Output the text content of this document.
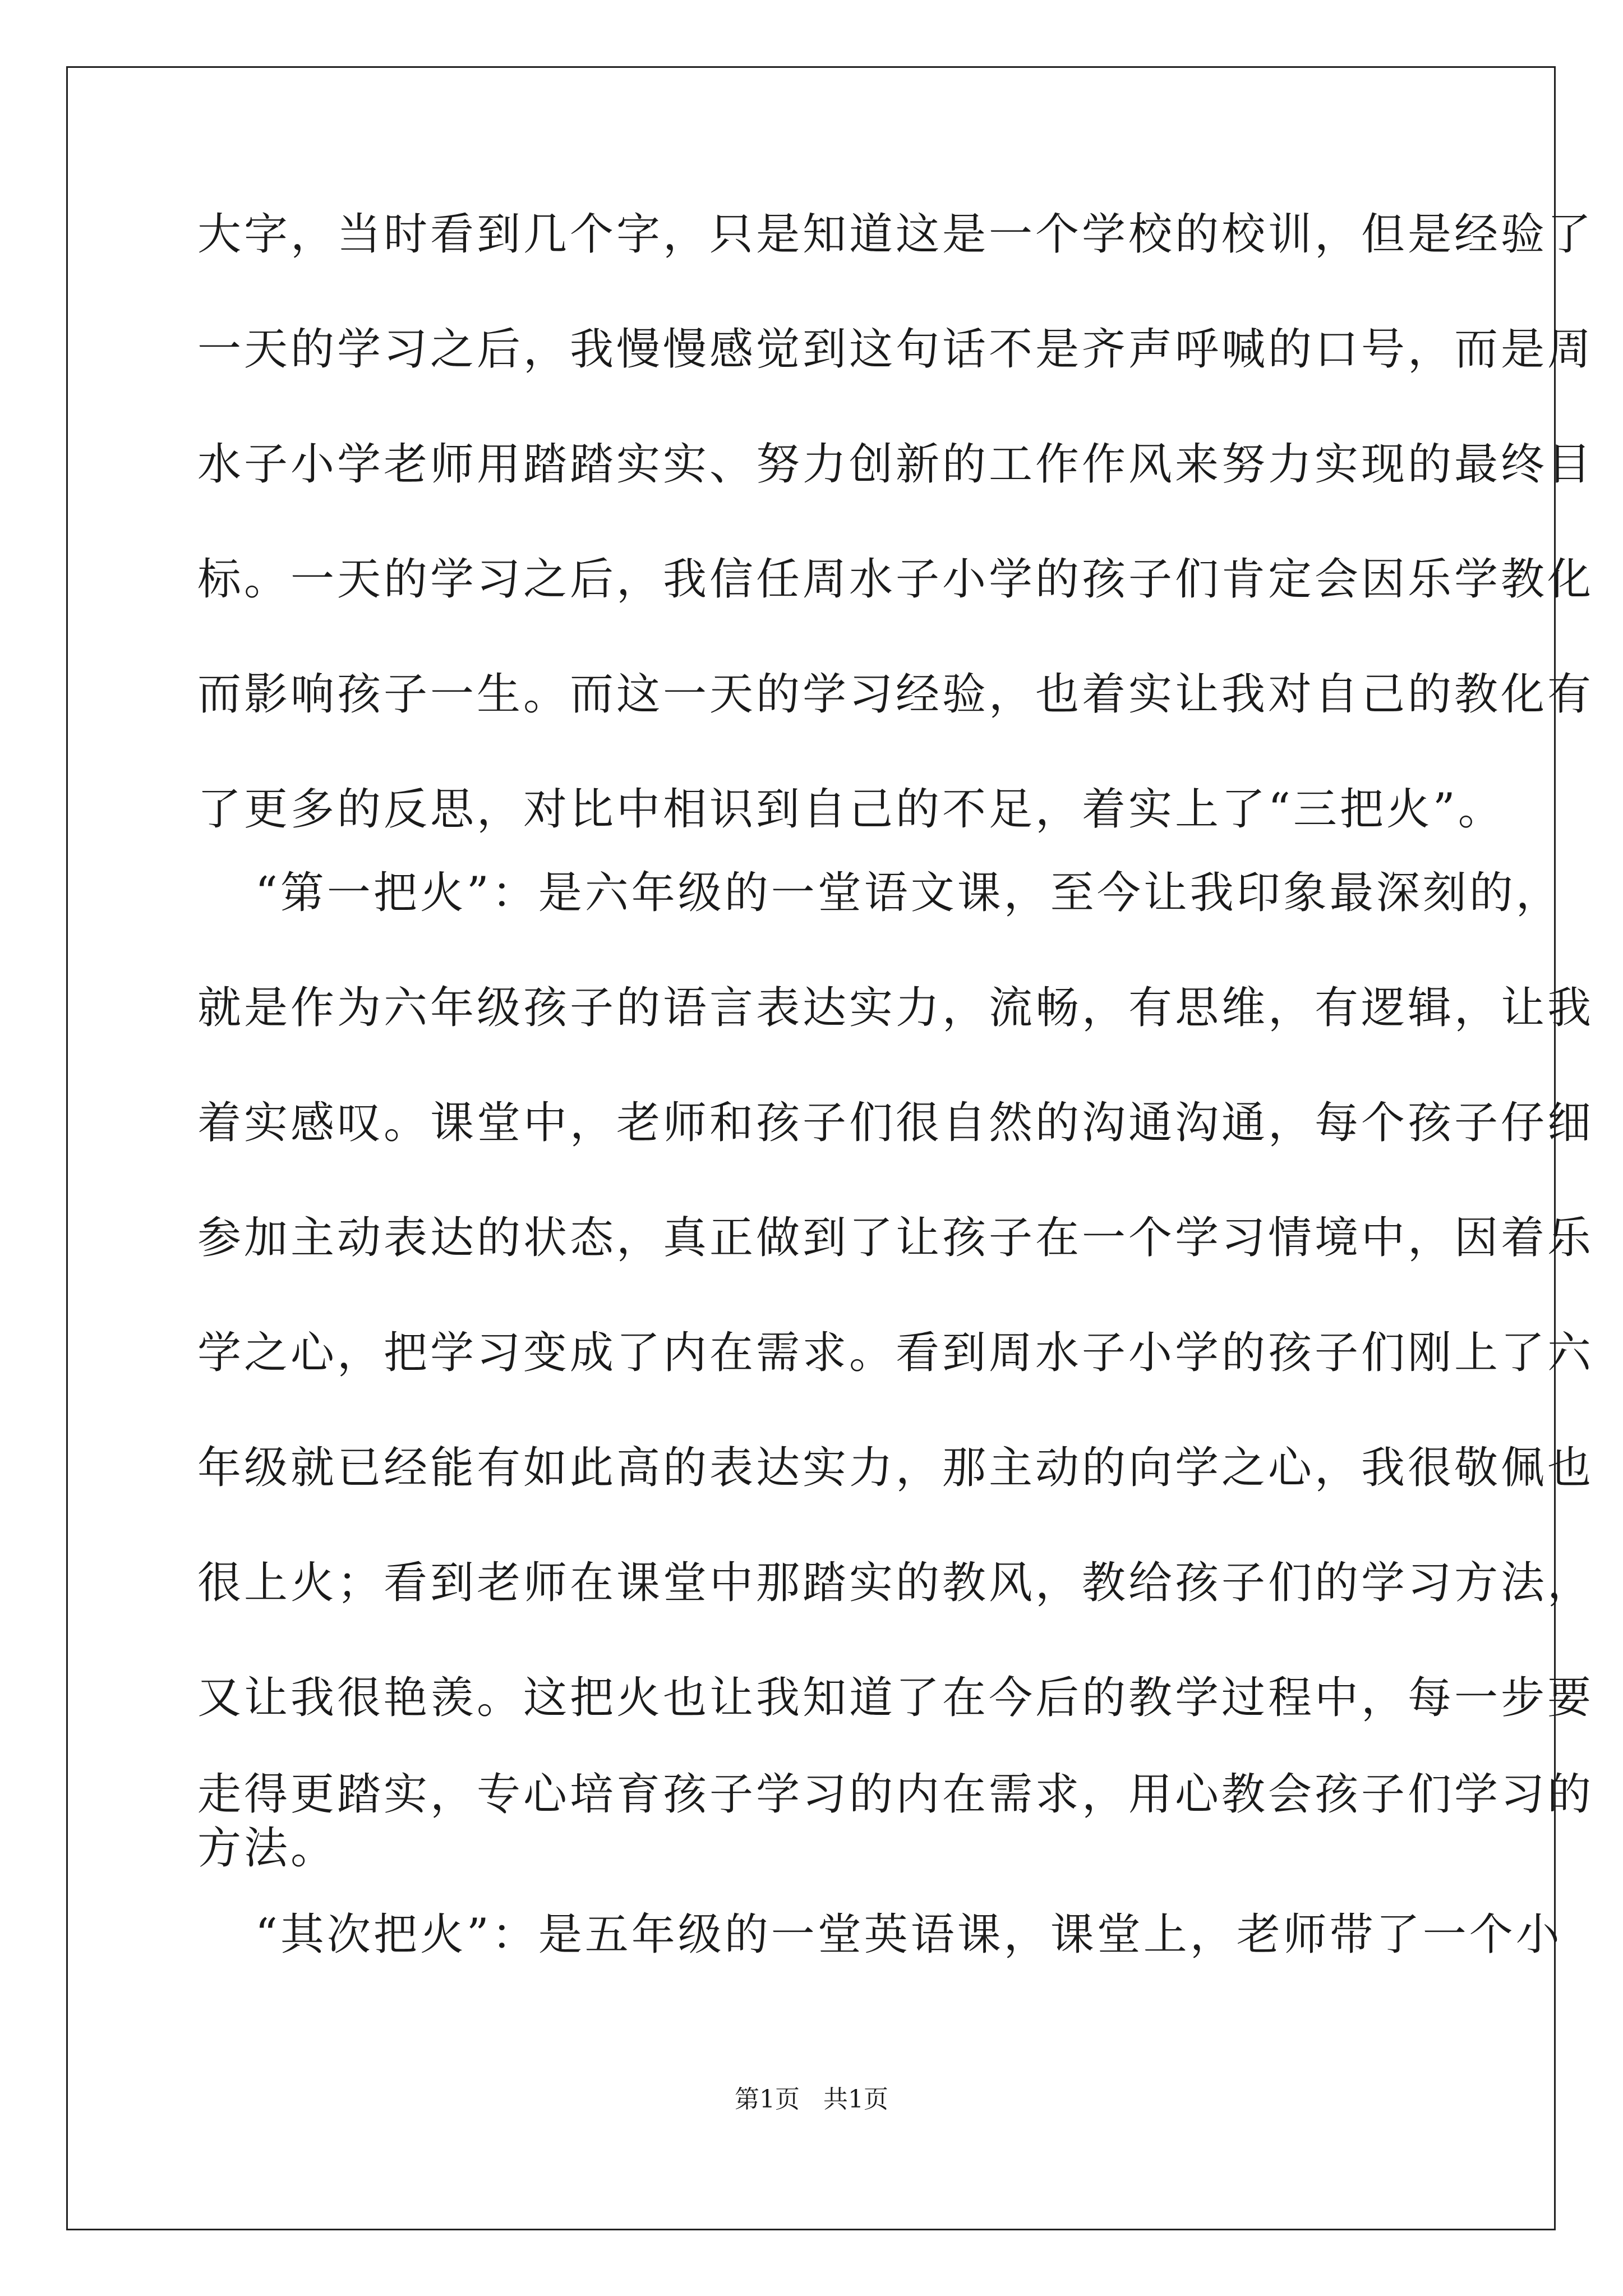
大字，当时看到几个字，只是知道这是一个学校的校训，但是经验了
一天的学习之后，我慢慢感觉到这句话不是齐声呼喊的口号，而是周
水子小学老师用踏踏实实、努力创新的工作作风来努力实现的最终目
标。一天的学习之后，我信任周水子小学的孩子们肯定会因乐学教化
而影响孩子一生。而这一天的学习经验，也着实让我对自己的教化有
了更多的反思，对比中相识到自己的不足，着实上了“三把火”。
“第一把火”：是六年级的一堂语文课，至今让我印象最深刻的，
就是作为六年级孩子的语言表达实力，流畅，有思维，有逻辑，让我
着实感叹。课堂中，老师和孩子们很自然的沟通沟通，每个孩子仔细
参加主动表达的状态，真正做到了让孩子在一个学习情境中，因着乐
学之心，把学习变成了内在需求。看到周水子小学的孩子们刚上了六
年级就已经能有如此高的表达实力，那主动的向学之心，我很敬佩也
很上火；看到老师在课堂中那踏实的教风，教给孩子们的学习方法，
又让我很艳羡。这把火也让我知道了在今后的教学过程中，每一步要
走得更踏实，专心培育孩子学习的内在需求，用心教会孩子们学习的
方法。
“其次把火”：是五年级的一堂英语课，课堂上，老师带了一个小
第1页   共1页
